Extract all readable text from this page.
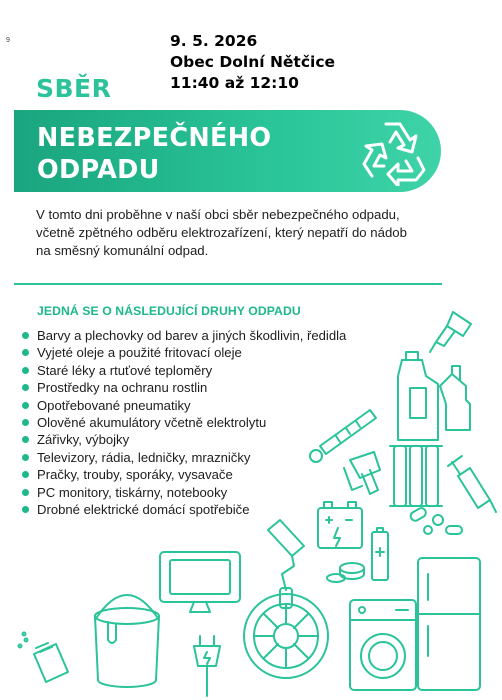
9	9. 5. 2026
Obec Dolní Nětčice
11:40 až 12:10
SBĚR
NEBEZPEČNÉHO
ODPADU
V tomto dni proběhne v naší obci sběr nebezpečného odpadu, včetně zpětného odběru elektrozařízení, který nepatří do nádob na směsný komunální odpad.
JEDNÁ SE O NÁSLEDUJÍCÍ DRUHY ODPADU
Barvy a plechovky od barev a jiných škodlivin, ředidla
Vyjeté oleje a použité fritovací oleje
Staré léky a rtuťové teploměry
Prostředky na ochranu rostlin
Opotřebované pneumatiky
Olověné akumulátory včetně elektrolytu
Zářivky, výbojky
Televizory, rádia, ledničky, mrazničky
Pračky, trouby, sporáky, vysavače
PC monitory, tiskárny, notebooky
Drobné elektrické domácí spotřebiče
